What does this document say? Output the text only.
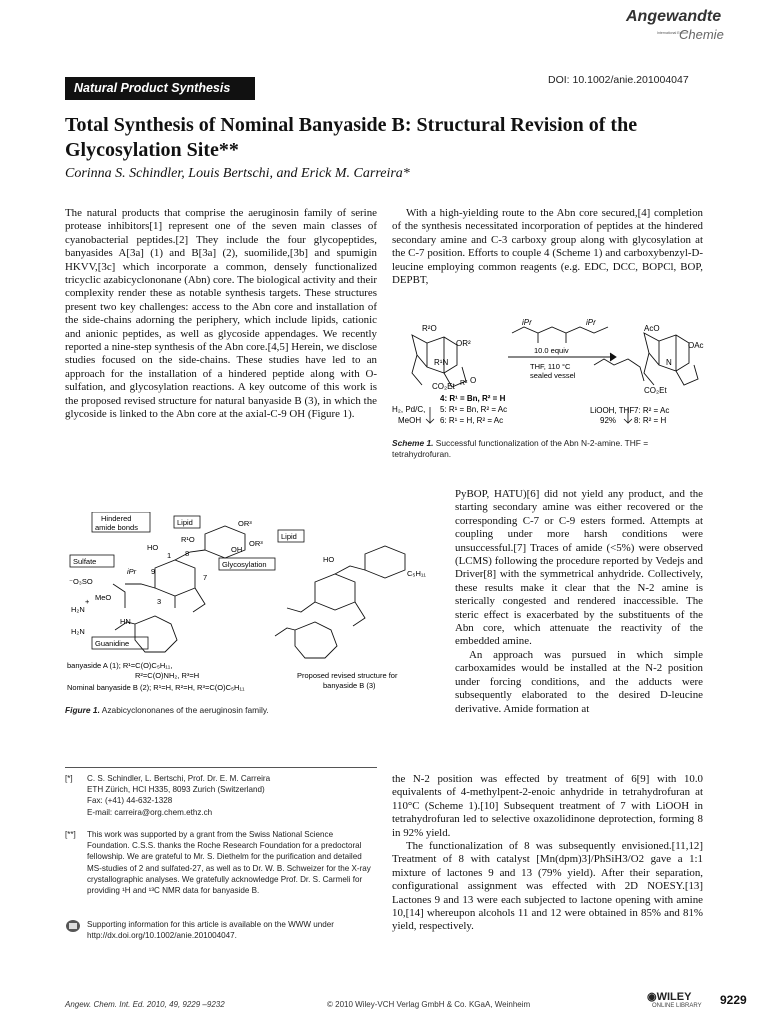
Angewandte
International Edition
Chemie
Natural Product Synthesis
DOI: 10.1002/anie.201004047
Total Synthesis of Nominal Banyaside B: Structural Revision of the Glycosylation Site**
Corinna S. Schindler, Louis Bertschi, and Erick M. Carreira*

The natural products that comprise the aeruginosin family of serine protease inhibitors[1] represent one of the seven main classes of cyanobacterial peptides.[2] They include the four glycopeptides, banyasides A[3a] (1) and B[3a] (2), suomilide,[3b] and spumigin HKVV,[3c] which incorporate a common, densely functionalized tricyclic azabicyclononane (Abn) core. The biological activity and their complexity render these as notable synthesis targets. These structures present two key challenges: access to the Abn core and installation of the side-chains adorning the periphery, which include lipids, cationic and anionic peptides, as well as glycoside appendages. We recently reported a nine-step synthesis of the Abn core.[4,5] Herein, we disclose studies focused on the side-chains. These studies have led to an approach for the installation of a hindered peptide along with O-sulfation, and glycosylation reactions. A key outcome of this work is the proposed revised structure for natural banyaside B (3), in which the glycoside is linked to the Abn core at the axial-C-9 OH (Figure 1).

With a high-yielding route to the Abn core secured,[4] completion of the synthesis necessitated incorporation of peptides at the hindered secondary amine and C-3 carboxy group along with glycosylation at the C-7 position. Efforts to couple 4 (Scheme 1) and carboxybenzyl-D-leucine employing common reagents (e.g. EDC, DCC, BOPCl, BOP, DEPBT,

R²O
OR²
R¹N
CO₂Et R² O
iPr	iPr
10.0 equiv
THF, 110 °C
sealed vessel
AcO
OAc
N
CO₂Et
4: R¹ = Bn, R² = H
5: R¹ = Bn, R² = Ac
6: R¹ = H, R² = Ac
H₂, Pd/C,
MeOH
LiOOH, THF
92%
7: R² = Ac
8: R² = H
Scheme 1. Successful functionalization of the Abn N-2-amine. THF = tetrahydrofuran.
Hindered
amide bonds
Lipid
Lipid
Sulfate	Glycosylation
Guanidine
R¹O
OR³
OH
OR³
HO
iPr
⁻O₃SO
MeO
H₂N
H₂N
HN
+
1
3
7
8
9
HO
C₅H₁₁
banyaside A (1); R¹=C(O)C₅H₁₁,
R²=C(O)NH₂, R³=H
Nominal banyaside B (2); R¹=H, R²=H, R³=C(O)C₅H₁₁
Proposed revised structure for
banyaside B (3)
Figure 1. Azabicyclononanes of the aeruginosin family.

PyBOP, HATU)[6] did not yield any product, and the starting secondary amine was either recovered or the corresponding C-7 or C-9 esters formed. Attempts at coupling under more harsh conditions were unsuccessful.[7] Traces of amide (<5%) were observed (LCMS) following the procedure reported by Vedejs and Driver[8] with the symmetrical anhydride. Collectively, these results make it clear that the N-2 amine is sterically congested and rendered inaccessible. The steric effect is exacerbated by the substituents of the Abn core, which attenuate the reactivity of the embedded amine.

An approach was pursued in which simple carboxamides would be installed at the N-2 position under forcing conditions, and the adducts were subsequently elaborated to the desired D-leucine derivative. Amide formation at

the N-2 position was effected by treatment of 6[9] with 10.0 equivalents of 4-methylpent-2-enoic anhydride in tetrahydrofuran at 110°C (Scheme 1).[10] Subsequent treatment of 7 with LiOOH in tetrahydrofuran led to selective oxazolidinone deprotection, forming 8 in 92% yield.

The functionalization of 8 was subsequently envisioned.[11,12] Treatment of 8 with catalyst [Mn(dpm)3]/PhSiH3/O2 gave a 1:1 mixture of lactones 9 and 13 (79% yield). After their separation, configurational assignment was effected with 2D NOESY.[13] Lactones 9 and 13 were each subjected to lactone opening with amine 10,[14] whereupon alcohols 11 and 12 were obtained in 85% and 81% yield, respectively.

[*] C. S. Schindler, L. Bertschi, Prof. Dr. E. M. Carreira
ETH Zürich, HCI H335, 8093 Zurich (Switzerland)
Fax: (+41) 44-632-1328
E-mail: carreira@org.chem.ethz.ch
[**] This work was supported by a grant from the Swiss National Science Foundation. C.S.S. thanks the Roche Research Foundation for a predoctoral fellowship. We are grateful to Mr. S. Diethelm for the purification and detailed MS-studies of 2 and sulfated-27, as well as to Dr. W. B. Schweizer for the X-ray crystallographic analyses. We gratefully acknowledge Prof. Dr. S. Carmeli for providing ¹H and ¹³C NMR data for banyaside B.
Supporting information for this article is available on the WWW under http://dx.doi.org/10.1002/anie.201004047.
Angew. Chem. Int. Ed. 2010, 49, 9229 –9232	© 2010 Wiley-VCH Verlag GmbH & Co. KGaA, Weinheim
◉WILEY
ONLINE LIBRARY 9229
